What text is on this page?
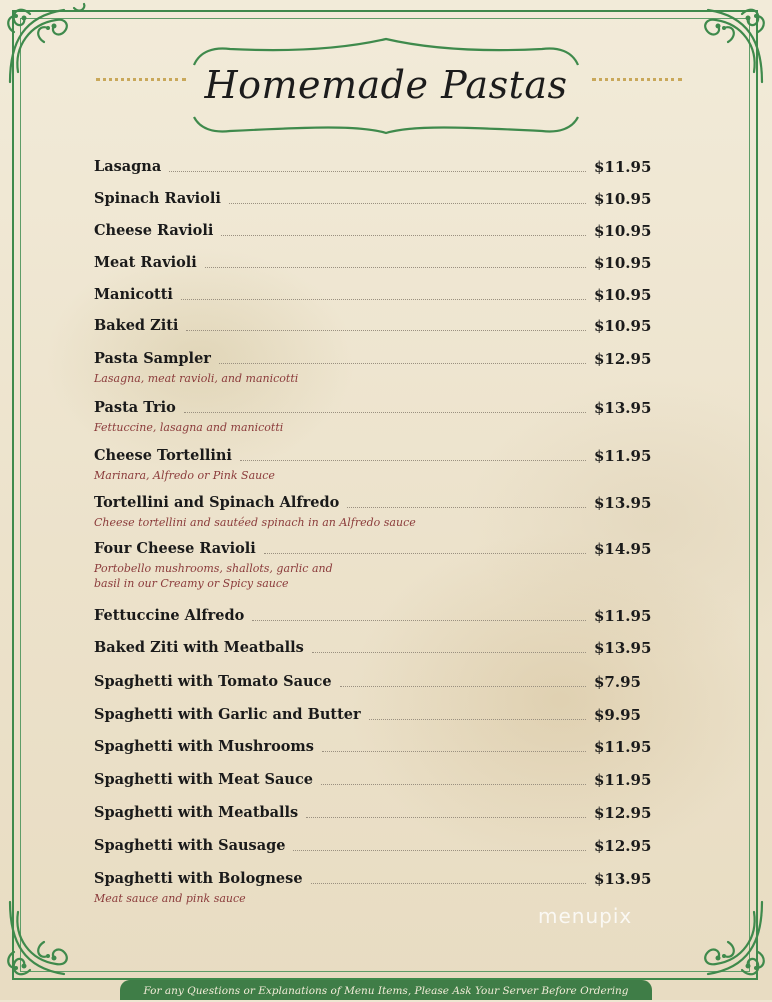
Homemade Pastas
Lasagna	$11.95
Spinach Ravioli	$10.95
Cheese Ravioli	$10.95
Meat Ravioli	$10.95
Manicotti	$10.95
Baked Ziti	$10.95
Pasta Sampler	$12.95
Lasagna, meat ravioli, and manicotti
Pasta Trio	$13.95
Fettuccine, lasagna and manicotti
Cheese Tortellini	$11.95
Marinara, Alfredo or Pink Sauce
Tortellini and Spinach Alfredo	$13.95
Cheese tortellini and sautéed spinach in an Alfredo sauce
Four Cheese Ravioli	$14.95
Portobello mushrooms, shallots, garlic and
basil in our Creamy or Spicy sauce
Fettuccine Alfredo	$11.95
Baked Ziti with Meatballs	$13.95
Spaghetti with Tomato Sauce	$7.95
Spaghetti with Garlic and Butter	$9.95
Spaghetti with Mushrooms	$11.95
Spaghetti with Meat Sauce	$11.95
Spaghetti with Meatballs	$12.95
Spaghetti with Sausage	$12.95
Spaghetti with Bolognese	$13.95
Meat sauce and pink sauce
menupix
For any Questions or Explanations of Menu Items, Please Ask Your Server Before Ordering
